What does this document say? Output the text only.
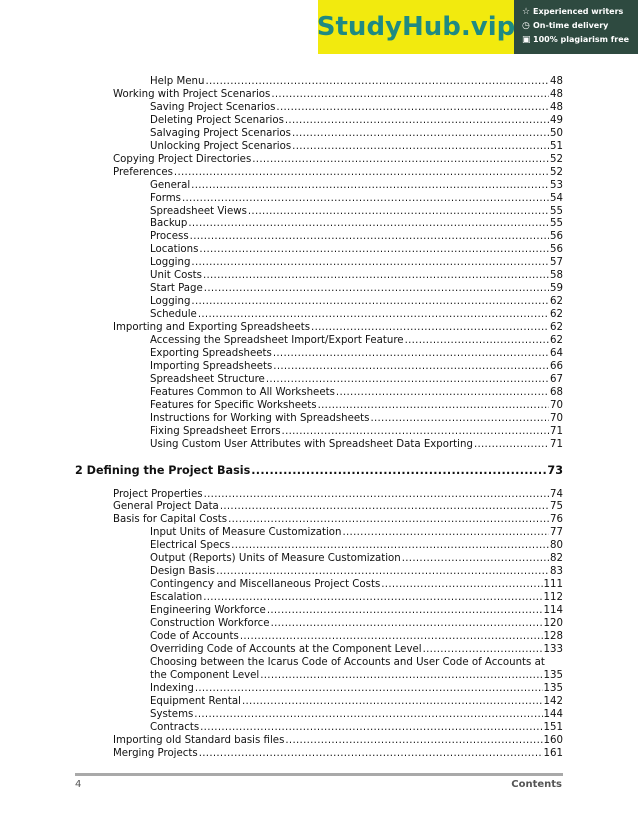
StudyHub.vip ☆ Experienced writers
◷ On-time delivery
▣ 100% plagiarism free
Help Menu .....	48
Working with Project Scenarios .....	48
Saving Project Scenarios .....	48
Deleting Project Scenarios .....	49
Salvaging Project Scenarios .....	50
Unlocking Project Scenarios .....	51
Copying Project Directories .....	52
Preferences .....	52
General .....	53
Forms .....	54
Spreadsheet Views .....	55
Backup .....	55
Process .....	56
Locations .....	56
Logging .....	57
Unit Costs .....	58
Start Page .....	59
Logging .....	62
Schedule .....	62
Importing and Exporting Spreadsheets .....	62
Accessing the Spreadsheet Import/Export Feature .....	62
Exporting Spreadsheets .....	64
Importing Spreadsheets .....	66
Spreadsheet Structure .....	67
Features Common to All Worksheets .....	68
Features for Specific Worksheets .....	70
Instructions for Working with Spreadsheets .....	70
Fixing Spreadsheet Errors .....	71
Using Custom User Attributes with Spreadsheet Data Exporting .....	71
2 Defining the Project Basis .....	73
Project Properties .....	74
General Project Data .....	75
Basis for Capital Costs .....	76
Input Units of Measure Customization .....	77
Electrical Specs .....	80
Output (Reports) Units of Measure Customization .....	82
Design Basis .....	83
Contingency and Miscellaneous Project Costs .....	111
Escalation .....	112
Engineering Workforce .....	114
Construction Workforce .....	120
Code of Accounts .....	128
Overriding Code of Accounts at the Component Level .....	133
Choosing between the Icarus Code of Accounts and User Code of Accounts at
the Component Level .....	135
Indexing .....	135
Equipment Rental .....	142
Systems .....	144
Contracts .....	151
Importing old Standard basis files .....	160
Merging Projects .....	161
4	Contents
